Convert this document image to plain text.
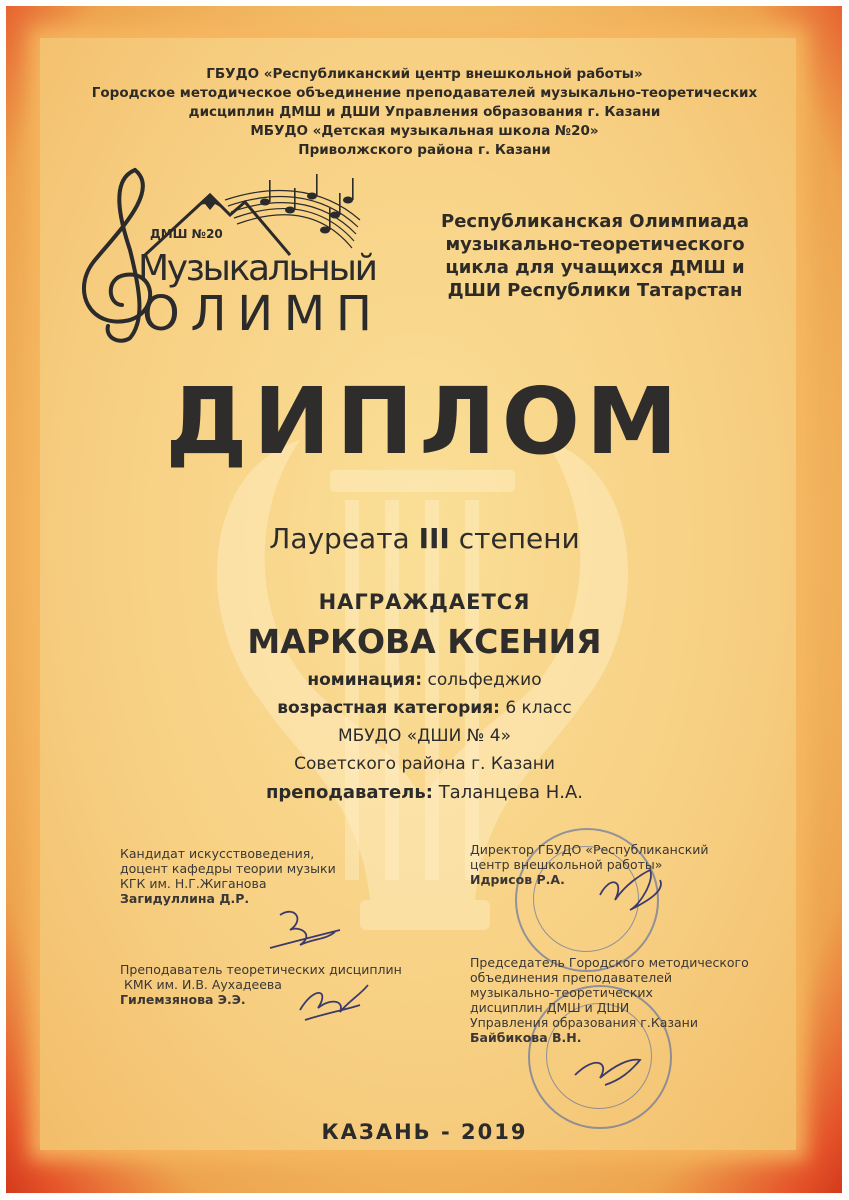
ГБУДО «Республиканский центр внешкольной работы»
Городское методическое объединение преподавателей музыкально-теоретических
дисциплин ДМШ и ДШИ Управления образования г. Казани
МБУДО «Детская музыкальная школа №20»
Приволжского района г. Казани
ДМШ №20
Музыкальный
ОЛИМП
Республиканская Олимпиада
музыкально-теоретического
цикла для учащихся ДМШ и
ДШИ Республики Татарстан
ДИПЛОМ
Лауреата III степени
НАГРАЖДАЕТСЯ
МАРКОВА КСЕНИЯ
номинация: сольфеджио
возрастная категория: 6 класс
МБУДО «ДШИ № 4»
Советского района г. Казани
преподаватель: Таланцева Н.А.
Кандидат искусствоведения,
доцент кафедры теории музыки
КГК им. Н.Г.Жиганова
Загидуллина Д.Р.
Преподаватель теоретических дисциплин
КМК им. И.В. Аухадеева
Гилемзянова Э.Э.
Директор ГБУДО «Республиканский
центр внешкольной работы»
Идрисов Р.А.
Председатель Городского методического
объединения преподавателей
музыкально-теоретических
дисциплин ДМШ и ДШИ
Управления образования г.Казани
Байбикова В.Н.
КАЗАНЬ - 2019
